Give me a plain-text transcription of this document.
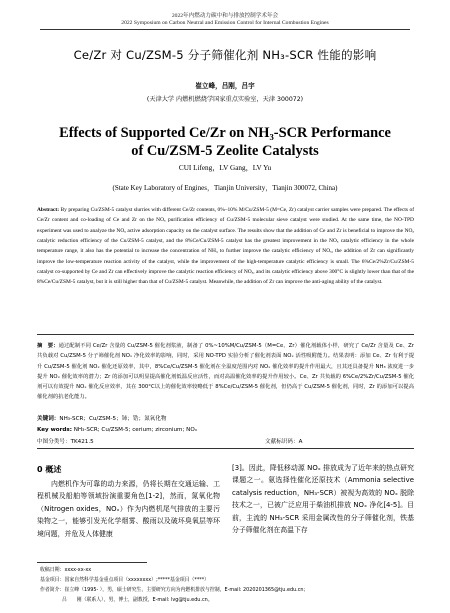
2022年内燃动力碳中和与排放控制学术年会
2022 Symposium on Carbon Neutral and Emission Control for Internal Combustion Engines
Ce/Zr 对 Cu/ZSM-5 分子筛催化剂 NH₃-SCR 性能的影响
崔立峰，吕刚，吕宇
(天津大学 内燃机燃烧学国家重点实验室，天津 300072)
Effects of Supported Ce/Zr on NH₃-SCR Performance
of Cu/ZSM-5 Zeolite Catalysts
CUI Lifeng，LV Gang，LV Yu
(State Key Laboratory of Engines，Tianjin University，Tianjin 300072, China)
Abstract: By preparing Cu/ZSM-5 catalyst slurries with different Ce/Zr contents, 0%–10% M/Cu/ZSM-5 (M=Ce, Zr) catalyst carrier samples were prepared. The effects of Ce/Zr content and co-loading of Ce and Zr on the NOₓ purification efficiency of Cu/ZSM-5 molecular sieve catalyst were studied. At the same time, the NO-TPD experiment was used to analyze the NOₓ active adsorption capacity on the catalyst surface. The results show that the addition of Ce and Zr is beneficial to improve the NOₓ catalytic reduction efficiency of the Cu/ZSM-5 catalyst, and the 8%Ce/Cu/ZSM-5 catalyst has the greatest improvement in the NOₓ catalytic efficiency in the whole temperature range, it also has the potential to increase the concentration of NH₃ to further improve the catalytic efficiency of NOₓ, the addition of Zr can significantly improve the low-temperature reaction activity of the catalyst, while the improvement of the high-temperature catalytic efficiency is small. The 6%Ce/2%Zr/Cu/ZSM-5 catalyst co-supported by Ce and Zr can effectively improve the catalytic reaction efficiency of NOₓ, and its catalytic efficiency above 300°C is slightly lower than that of the 8%Ce/Cu/ZSM-5 catalyst, but it is still higher than that of Cu/ZSM-5 catalyst. Meanwhile, the addition of Zr can improve the anti-aging ability of the catalyst.
摘　要：通过配制不同 Ce/Zr 含量的 Cu/ZSM-5 催化剂浆液，制备了 0%~10%M/Cu/ZSM-5（M=Ce、Zr）催化剂载体小样，研究了 Ce/Zr 含量及 Ce、Zr 共负载对 Cu/ZSM-5 分子筛催化剂 NOₓ 净化效率的影响，同时，采用 NO-TPD 实验分析了催化剂表面 NOₓ 活性吸附能力。结果表明：添加 Ce、Zr 有利于提升 Cu/ZSM-5 催化剂 NOₓ 催化还原效率，其中，8%Ce/Cu/ZSM-5 催化剂在全温度范围内对 NOₓ 催化效率的提升作用最大，且其还具备提升 NH₃ 浓度进一步提升 NOₓ 催化效率的潜力；Zr 的添加可以明显提高催化剂低温反应活性，而对高温催化效率的提升作用较小。Ce、Zr 共负载的 6%Ce/2%Zr/Cu/ZSM-5 催化剂可以有效提升 NOₓ 催化反应效率，其在 300°C以上的催化效率较略低于 8%Ce/Cu/ZSM-5 催化剂，但仍高于 Cu/ZSM-5 催化剂，同时，Zr 的添加可以提高催化剂的抗老化能力。
关键词：NH₃-SCR；Cu/ZSM-5；铈；锆；氮氧化物
Key words: NH₃-SCR; Cu/ZSM-5; cerium; zirconium; NOₓ
中图分类号：TK421.5	文献标识码：A
0 概述
内燃机作为可靠的动力来源，仍将长期在交通运输、工程机械及船舶等领域扮演重要角色[1-2]，然而，氮氧化物（Nitrogen oxides，NOₓ）作为内燃机尾气排放的主要污染物之一，能够引发光化学烟雾、酸雨以及破坏臭氧层等环境问题，并危及人体健康
[3]。因此，降低移动源 NOₓ 排放成为了近年来的热点研究课题之一。氨选择性催化还原技术（Ammonia selective catalysis reduction，NH₃-SCR）被视为高效的 NOₓ 脱除技术之一，已被广泛应用于柴油机排放 NOₓ 净化[4-5]。目前，主流的 NH₃-SCR 采用金属改性的分子筛催化剂，铁基分子筛催化剂在高温下存
收稿日期：xxxx-xx-xx
基金项目：国家自然科学基金重点项目（xxxxxxxx）;*****基金项目（****）
作者简介：崔立峰（1995- ），男，硕士研究生，主要研究方向为内燃机排放与控制，E-mail: 2020201365@tju.edu.cn；
吕　　刚（联系人），男，博士，副教授，E-mail: lvg@tju.edu.cn。
